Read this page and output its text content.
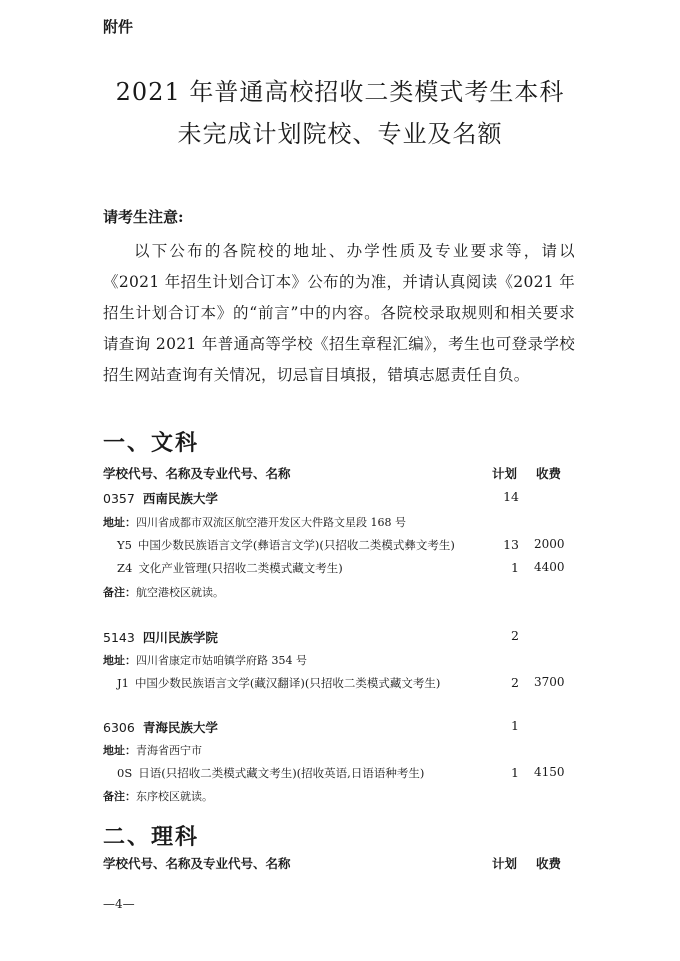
附件
2021 年普通高校招收二类模式考生本科
未完成计划院校、专业及名额
请考生注意:
以下公布的各院校的地址、办学性质及专业要求等，请以《2021 年招生计划合订本》公布的为准，并请认真阅读《2021 年招生计划合订本》的“前言”中的内容。各院校录取规则和相关要求请查询 2021 年普通高等学校《招生章程汇编》，考生也可登录学校招生网站查询有关情况，切忌盲目填报，错填志愿责任自负。
一、文科
学校代号、名称及专业代号、名称	计划 收费
0357 西南民族大学	14
地址：四川省成都市双流区航空港开发区大件路文星段 168 号
Y5 中国少数民族语言文学(彝语言文学)(只招收二类模式彝文考生)	13 2000
Z4 文化产业管理(只招收二类模式藏文考生)	1 4400
备注：航空港校区就读。
5143 四川民族学院	2
地址：四川省康定市姑咱镇学府路 354 号
J1 中国少数民族语言文学(藏汉翻译)(只招收二类模式藏文考生)	2 3700
6306 青海民族大学	1
地址：青海省西宁市
0S 日语(只招收二类模式藏文考生)(招收英语,日语语种考生)	1 4150
备注：东序校区就读。
二、理科
学校代号、名称及专业代号、名称	计划 收费
—4—
